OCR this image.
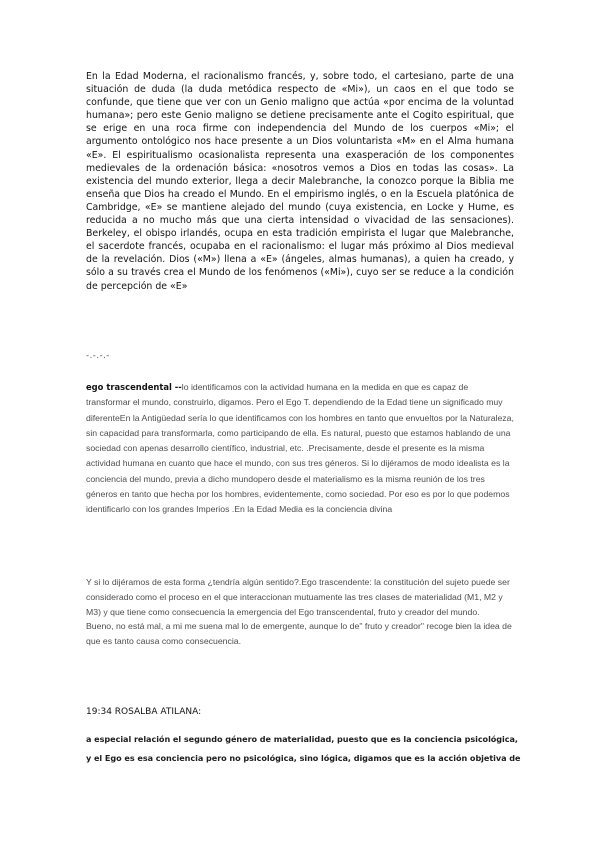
En la Edad Moderna, el racionalismo francés, y, sobre todo, el cartesiano, parte de una situación de duda (la duda metódica respecto de «Mi»), un caos en el que todo se confunde, que tiene que ver con un Genio maligno que actúa «por encima de la voluntad humana»; pero este Genio maligno se detiene precisamente ante el Cogito espiritual, que se erige en una roca firme con independencia del Mundo de los cuerpos «Mi»; el argumento ontológico nos hace presente a un Dios voluntarista «M» en el Alma humana «E». El espiritualismo ocasionalista representa una exasperación de los componentes medievales de la ordenación básica: «nosotros vemos a Dios en todas las cosas». La existencia del mundo exterior, llega a decir Malebranche, la conozco porque la Biblia me enseña que Dios ha creado el Mundo. En el empirismo inglés, o en la Escuela platónica de Cambridge, «E» se mantiene alejado del mundo (cuya existencia, en Locke y Hume, es reducida a no mucho más que una cierta intensidad o vivacidad de las sensaciones). Berkeley, el obispo irlandés, ocupa en esta tradición empirista el lugar que Malebranche, el sacerdote francés, ocupaba en el racionalismo: el lugar más próximo al Dios medieval de la revelación. Dios («M») llena a «E» (ángeles, almas humanas), a quien ha creado, y sólo a su través crea el Mundo de los fenómenos («Mi»), cuyo ser se reduce a la condición de percepción de «E»

-.-.-.-

ego trascendental --lo identificamos con la actividad humana en la medida en que es capaz de transformar el mundo, construirlo, digamos. Pero el Ego T. dependiendo de la Edad tiene un significado muy diferenteEn la Antigüedad sería lo que identificamos con los hombres en tanto que envueltos por la Naturaleza, sin capacidad para transformarla, como participando de ella. Es natural, puesto que estamos hablando de una sociedad con apenas desarrollo científico, industrial, etc. .Precisamente, desde el presente es la misma actividad humana en cuanto que hace el mundo, con sus tres géneros. Si lo dijéramos de modo idealista es la conciencia del mundo, previa a dicho mundopero desde el materialismo es la misma reunión de los tres géneros en tanto que hecha por los hombres, evidentemente, como sociedad. Por eso es por lo que podemos identificarlo con los grandes Imperios .En la Edad Media es la conciencia divina

Y si lo dijéramos de esta forma ¿tendría algún sentido?.Ego trascendente: la constitución del sujeto puede ser considerado como el proceso en el que interaccionan mutuamente las tres clases de materialidad (M1, M2 y M3) y que tiene como consecuencia la emergencia del Ego transcendental, fruto y creador del mundo.

Bueno, no está mal, a mi me suena mal lo de emergente, aunque lo de" fruto y creador" recoge bien la idea de que es tanto causa como consecuencia.

19:34 ROSALBA ATILANA:

a especial relación el segundo género de materialidad, puesto que es la conciencia psicológica,
y el Ego es esa conciencia pero no psicológica, sino lógica, digamos que es la acción objetiva de
